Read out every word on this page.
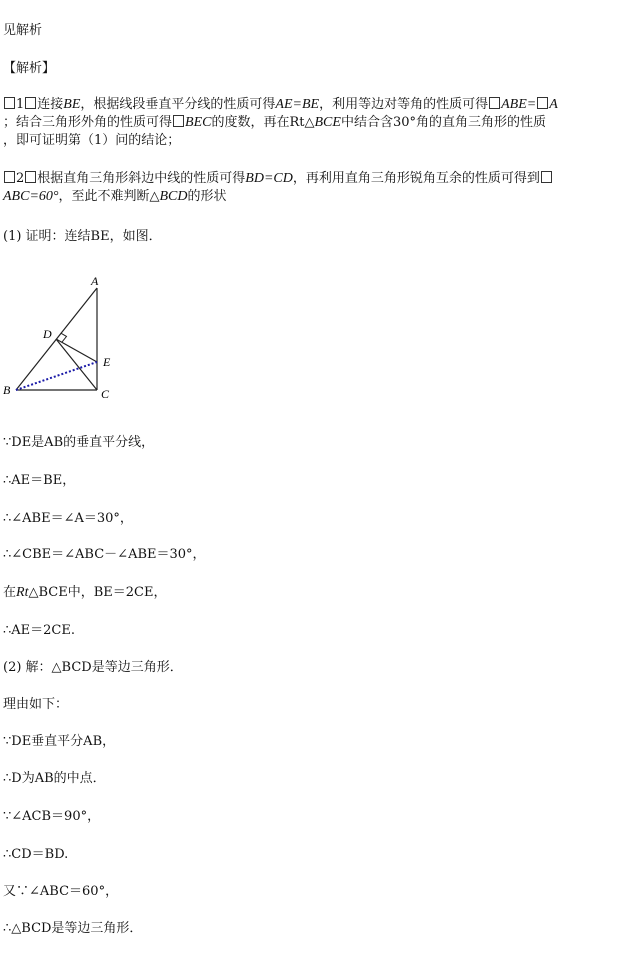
见解析
【解析】
1 连接BE，根据线段垂直平分线的性质可得AE=BE，利用等边对等角的性质可得 ABE= A
；结合三角形外角的性质可得 BEC的度数，再在Rt△BCE中结合含30°角的直角三角形的性质
，即可证明第（1）问的结论；
2 根据直角三角形斜边中线的性质可得BD=CD，再利用直角三角形锐角互余的性质可得到
ABC=60°，至此不难判断△BCD的形状
(1) 证明：连结BE，如图．
A
B	C
D
E
∵DE是AB的垂直平分线，
∴AE＝BE，
∴∠ABE＝∠A＝30°，
∴∠CBE＝∠ABC－∠ABE＝30°，
在Rt△BCE中，BE＝2CE，
∴AE＝2CE.
(2) 解：△BCD是等边三角形．
理由如下：
∵DE垂直平分AB，
∴D为AB的中点．
∵∠ACB＝90°，
∴CD＝BD.
又∵∠ABC＝60°，
∴△BCD是等边三角形．
